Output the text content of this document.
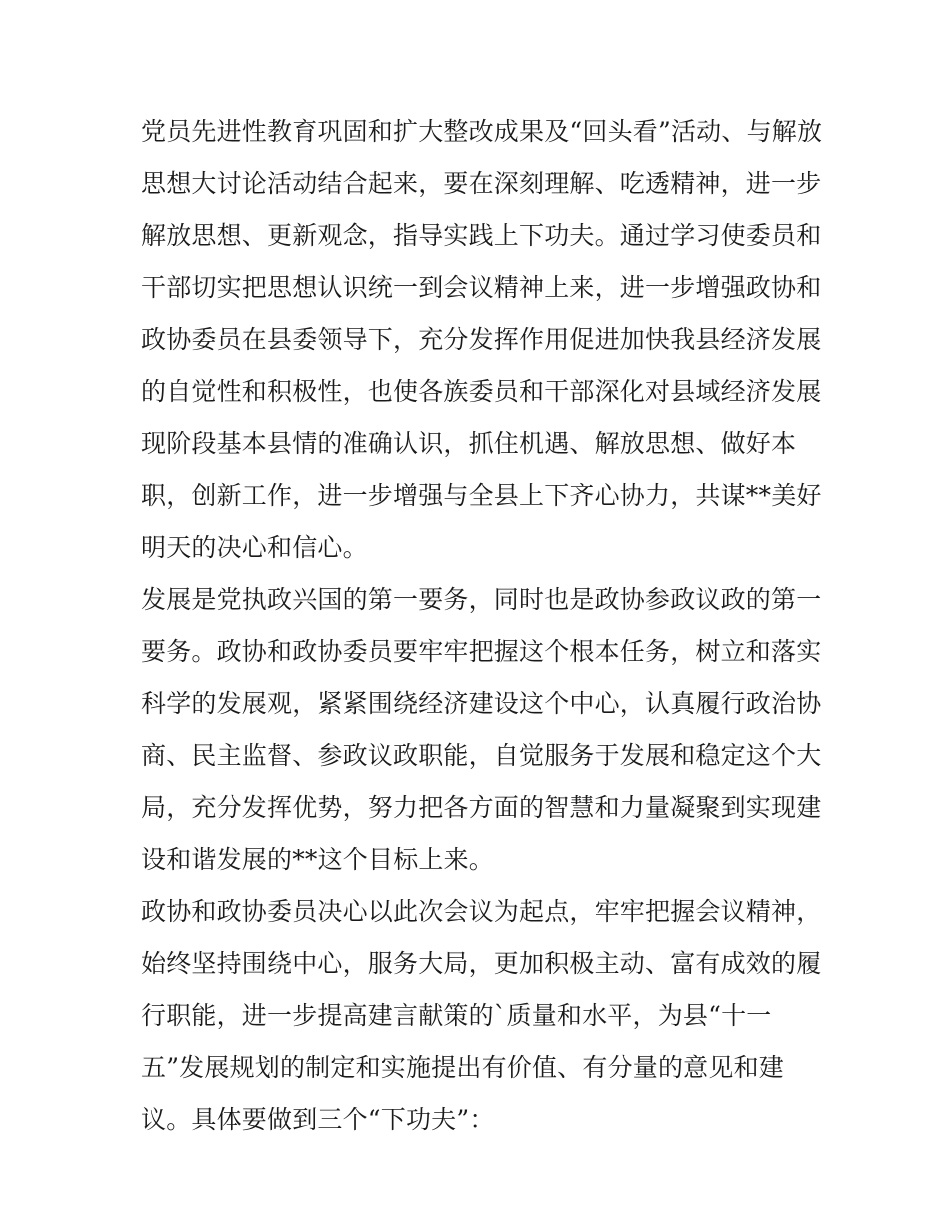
党员先进性教育巩固和扩大整改成果及“回头看”活动、与解放
思想大讨论活动结合起来，要在深刻理解、吃透精神，进一步
解放思想、更新观念，指导实践上下功夫。通过学习使委员和
干部切实把思想认识统一到会议精神上来，进一步增强政协和
政协委员在县委领导下，充分发挥作用促进加快我县经济发展
的自觉性和积极性，也使各族委员和干部深化对县域经济发展
现阶段基本县情的准确认识，抓住机遇、解放思想、做好本
职，创新工作，进一步增强与全县上下齐心协力，共谋**美好
明天的决心和信心。
发展是党执政兴国的第一要务，同时也是政协参政议政的第一
要务。政协和政协委员要牢牢把握这个根本任务，树立和落实
科学的发展观，紧紧围绕经济建设这个中心，认真履行政治协
商、民主监督、参政议政职能，自觉服务于发展和稳定这个大
局，充分发挥优势，努力把各方面的智慧和力量凝聚到实现建
设和谐发展的**这个目标上来。
政协和政协委员决心以此次会议为起点，牢牢把握会议精神，
始终坚持围绕中心，服务大局，更加积极主动、富有成效的履
行职能，进一步提高建言献策的`质量和水平，为县“十一
五”发展规划的制定和实施提出有价值、有分量的意见和建
议。具体要做到三个“下功夫”：
